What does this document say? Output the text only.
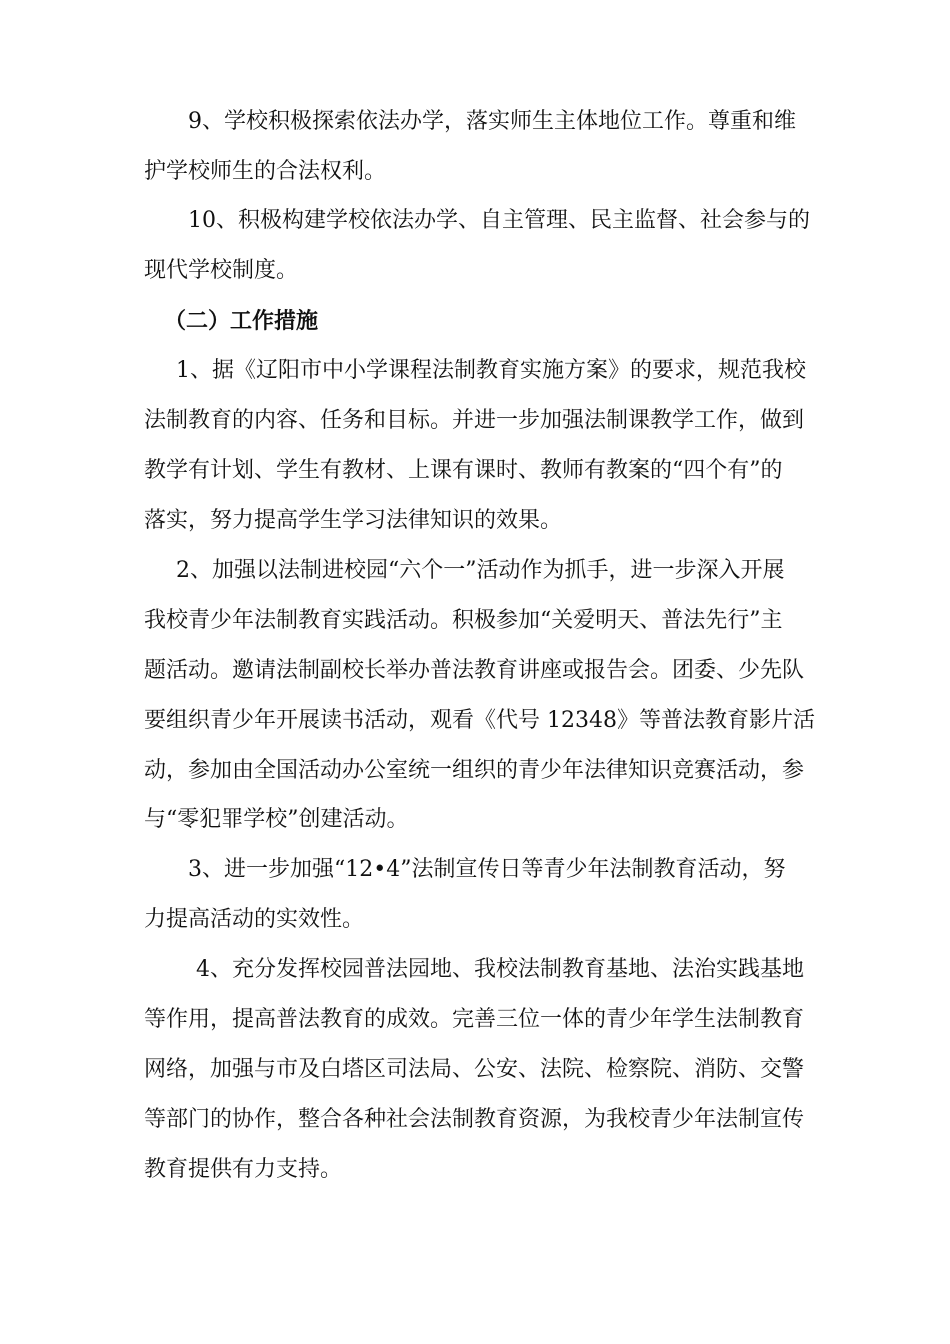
9、学校积极探索依法办学，落实师生主体地位工作。尊重和维
护学校师生的合法权利。
10、积极构建学校依法办学、自主管理、民主监督、社会参与的
现代学校制度。
（二）工作措施
1、据《辽阳市中小学课程法制教育实施方案》的要求，规范我校
法制教育的内容、任务和目标。并进一步加强法制课教学工作，做到
教学有计划、学生有教材、上课有课时、教师有教案的“四个有”的
落实，努力提高学生学习法律知识的效果。
2、加强以法制进校园“六个一”活动作为抓手，进一步深入开展
我校青少年法制教育实践活动。积极参加“关爱明天、普法先行”主
题活动。邀请法制副校长举办普法教育讲座或报告会。团委、少先队
要组织青少年开展读书活动，观看《代号 12348》等普法教育影片活
动，参加由全国活动办公室统一组织的青少年法律知识竞赛活动，参
与“零犯罪学校”创建活动。
3、进一步加强“12•4”法制宣传日等青少年法制教育活动，努
力提高活动的实效性。
4、充分发挥校园普法园地、我校法制教育基地、法治实践基地
等作用，提高普法教育的成效。完善三位一体的青少年学生法制教育
网络，加强与市及白塔区司法局、公安、法院、检察院、消防、交警
等部门的协作，整合各种社会法制教育资源，为我校青少年法制宣传
教育提供有力支持。
